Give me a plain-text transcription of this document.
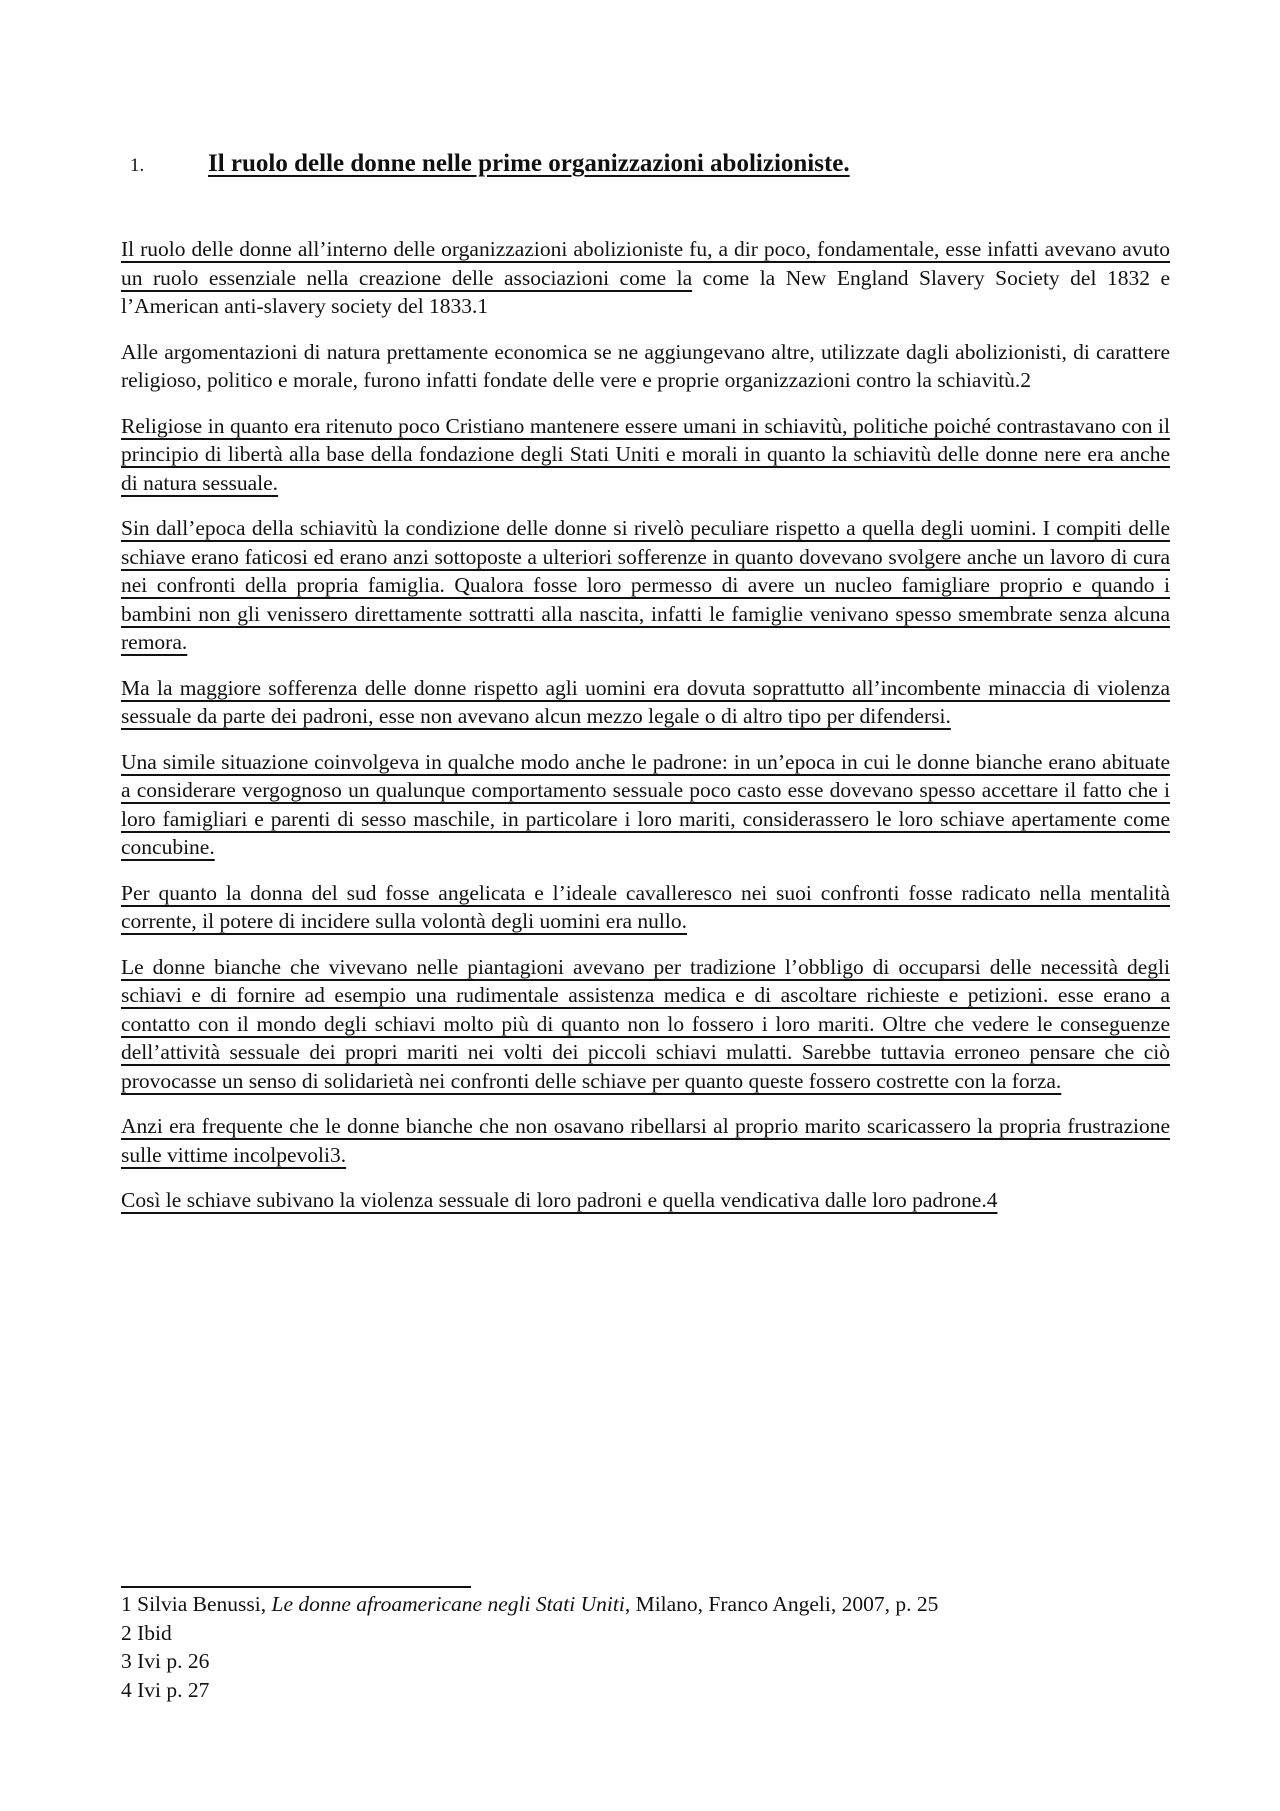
1.	Il ruolo delle donne nelle prime organizzazioni abolizioniste.

Il ruolo delle donne all’interno delle organizzazioni abolizioniste fu, a dir poco, fondamentale, esse infatti avevano avuto un ruolo essenziale nella creazione delle associazioni come la come la New England Slavery Society del 1832 e l’American anti-slavery society del 1833.1

Alle argomentazioni di natura prettamente economica se ne aggiungevano altre, utilizzate dagli abolizionisti, di carattere religioso, politico e morale, furono infatti fondate delle vere e proprie organizzazioni contro la schiavitù.2

Religiose in quanto era ritenuto poco Cristiano mantenere essere umani in schiavitù, politiche poiché contrastavano con il principio di libertà alla base della fondazione degli Stati Uniti e morali in quanto la schiavitù delle donne nere era anche di natura sessuale.

Sin dall’epoca della schiavitù la condizione delle donne si rivelò peculiare rispetto a quella degli uomini. I compiti delle schiave erano faticosi ed erano anzi sottoposte a ulteriori sofferenze in quanto dovevano svolgere anche un lavoro di cura nei confronti della propria famiglia. Qualora fosse loro permesso di avere un nucleo famigliare proprio e quando i bambini non gli venissero direttamente sottratti alla nascita, infatti le famiglie venivano spesso smembrate senza alcuna remora.

Ma la maggiore sofferenza delle donne rispetto agli uomini era dovuta soprattutto all’incombente minaccia di violenza sessuale da parte dei padroni, esse non avevano alcun mezzo legale o di altro tipo per difendersi.

Una simile situazione coinvolgeva in qualche modo anche le padrone: in un’epoca in cui le donne bianche erano abituate a considerare vergognoso un qualunque comportamento sessuale poco casto esse dovevano spesso accettare il fatto che i loro famigliari e parenti di sesso maschile, in particolare i loro mariti, considerassero le loro schiave apertamente come concubine.

Per quanto la donna del sud fosse angelicata e l’ideale cavalleresco nei suoi confronti fosse radicato nella mentalità corrente, il potere di incidere sulla volontà degli uomini era nullo.

Le donne bianche che vivevano nelle piantagioni avevano per tradizione l’obbligo di occuparsi delle necessità degli schiavi e di fornire ad esempio una rudimentale assistenza medica e di ascoltare richieste e petizioni. esse erano a contatto con il mondo degli schiavi molto più di quanto non lo fossero i loro mariti. Oltre che vedere le conseguenze dell’attività sessuale dei propri mariti nei volti dei piccoli schiavi mulatti. Sarebbe tuttavia erroneo pensare che ciò provocasse un senso di solidarietà nei confronti delle schiave per quanto queste fossero costrette con la forza.

Anzi era frequente che le donne bianche che non osavano ribellarsi al proprio marito scaricassero la propria frustrazione sulle vittime incolpevoli3.

Così le schiave subivano la violenza sessuale di loro padroni e quella vendicativa dalle loro padrone.4

1 Silvia Benussi, Le donne afroamericane negli Stati Uniti, Milano, Franco Angeli, 2007, p. 25

2 Ibid

3 Ivi p. 26

4 Ivi p. 27
